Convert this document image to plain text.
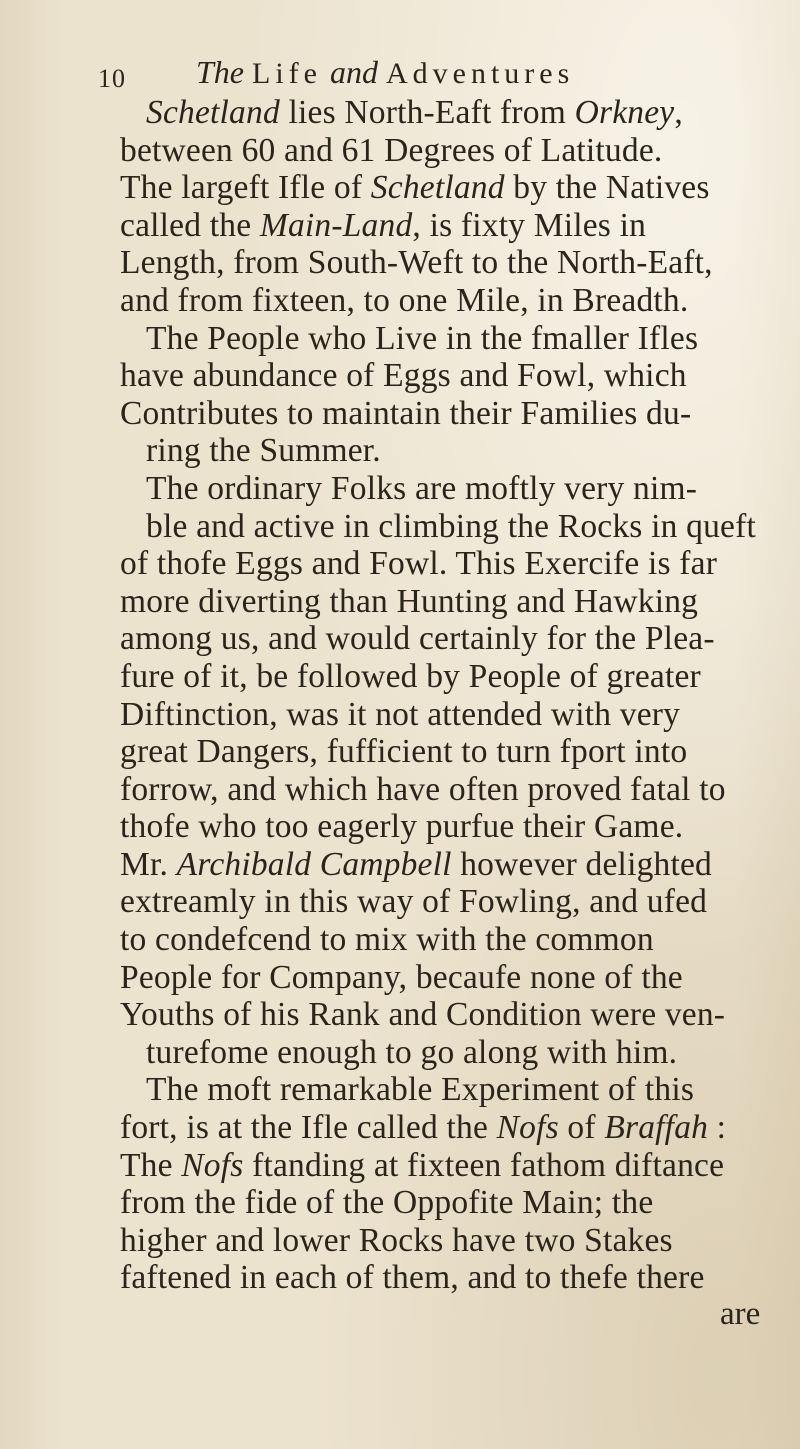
10 The Life and Adventures
Schetland lies North-Eaft from Orkney,
between 60 and 61 Degrees of Latitude.
The largeft Ifle of Schetland by the Natives
called the Main-Land, is fixty Miles in
Length, from South-Weft to the North-Eaft,
and from fixteen, to one Mile, in Breadth.
The People who Live in the fmaller Ifles
have abundance of Eggs and Fowl, which
Contributes to maintain their Families du-
ring the Summer.
The ordinary Folks are moftly very nim-
ble and active in climbing the Rocks in queft
of thofe Eggs and Fowl. This Exercife is far
more diverting than Hunting and Hawking
among us, and would certainly for the Plea-
fure of it, be followed by People of greater
Diftinction, was it not attended with very
great Dangers, fufficient to turn fport into
forrow, and which have often proved fatal to
thofe who too eagerly purfue their Game.
Mr. Archibald Campbell however delighted
extreamly in this way of Fowling, and ufed
to condefcend to mix with the common
People for Company, becaufe none of the
Youths of his Rank and Condition were ven-
turefome enough to go along with him.
The moft remarkable Experiment of this
fort, is at the Ifle called the Nofs of Braffah :
The Nofs ftanding at fixteen fathom diftance
from the fide of the Oppofite Main; the
higher and lower Rocks have two Stakes
faftened in each of them, and to thefe there
are
